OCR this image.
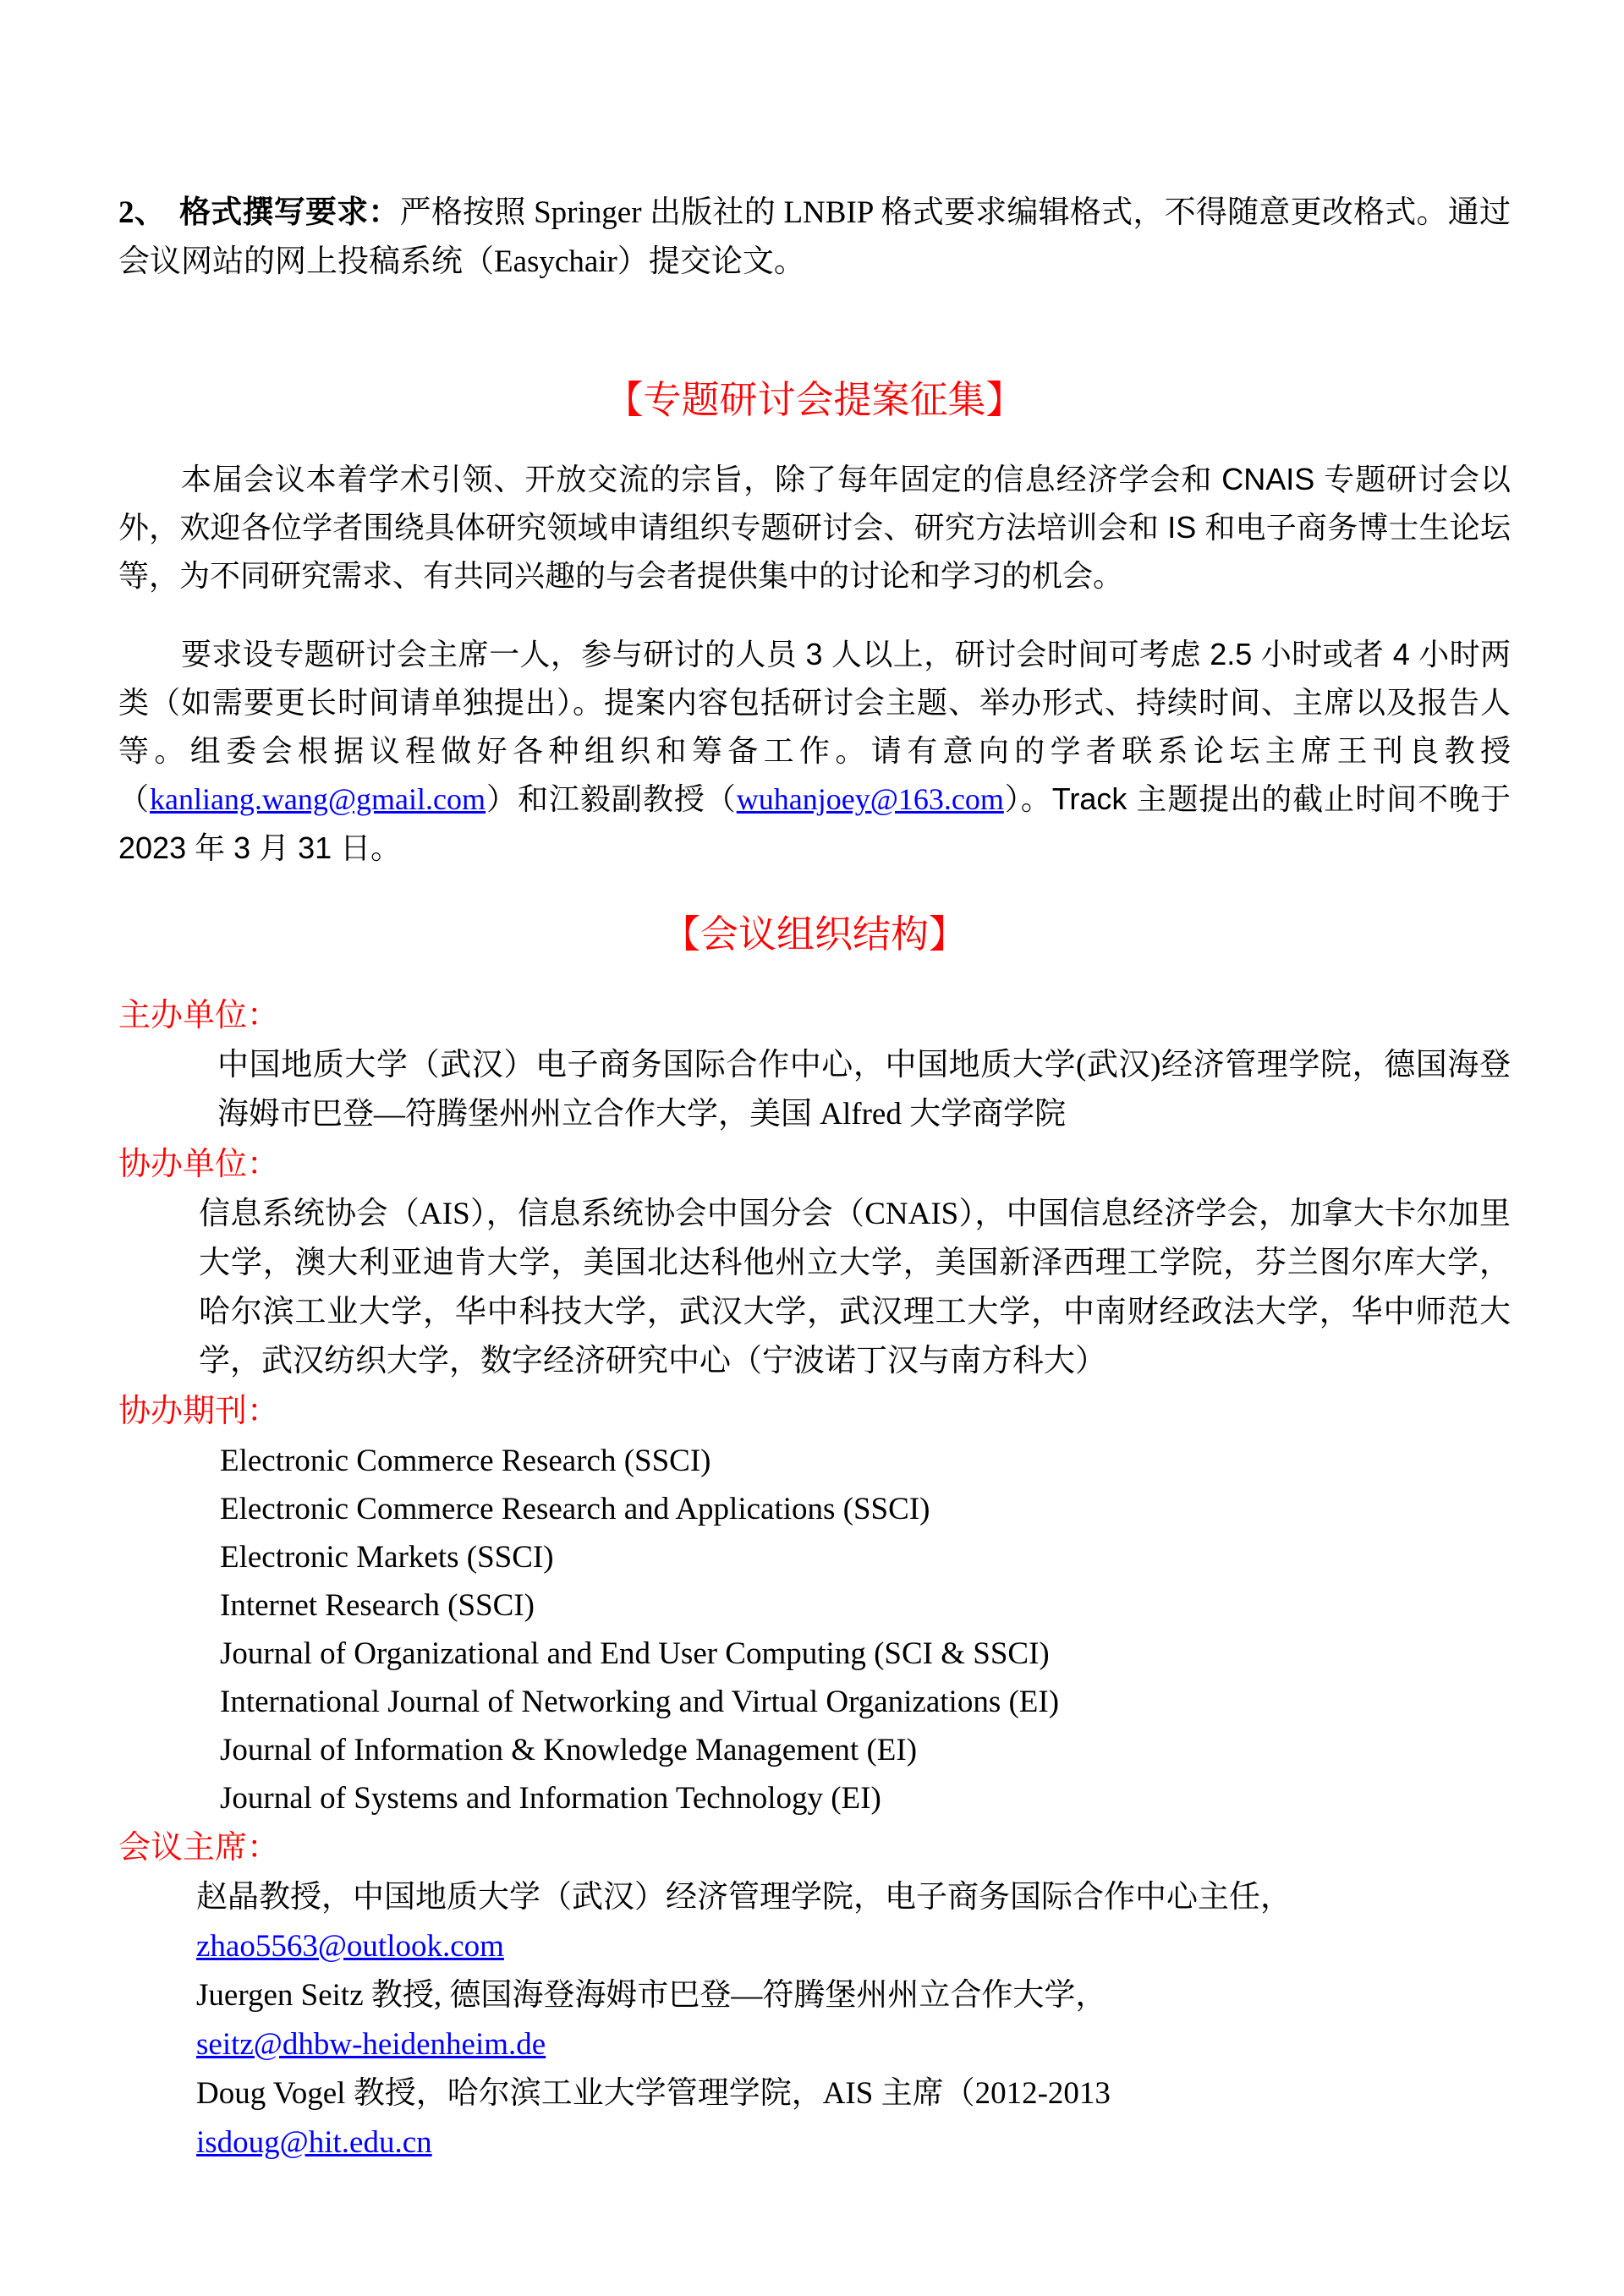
2、 格式撰写要求：严格按照 Springer 出版社的 LNBIP 格式要求编辑格式，不得随意更改格式。通过会议网站的网上投稿系统（Easychair）提交论文。

【专题研讨会提案征集】

本届会议本着学术引领、开放交流的宗旨，除了每年固定的信息经济学会和 CNAIS 专题研讨会以外，欢迎各位学者围绕具体研究领域申请组织专题研讨会、研究方法培训会和 IS 和电子商务博士生论坛等，为不同研究需求、有共同兴趣的与会者提供集中的讨论和学习的机会。

要求设专题研讨会主席一人，参与研讨的人员 3 人以上，研讨会时间可考虑 2.5 小时或者 4 小时两类（如需要更长时间请单独提出）。提案内容包括研讨会主题、举办形式、持续时间、主席以及报告人等。组委会根据议程做好各种组织和筹备工作。请有意向的学者联系论坛主席王刊良教授（kanliang.wang@gmail.com）和江毅副教授（wuhanjoey@163.com）。Track 主题提出的截止时间不晚于 2023 年 3 月 31 日。

【会议组织结构】
主办单位：
中国地质大学（武汉）电子商务国际合作中心，中国地质大学(武汉)经济管理学院，德国海登海姆市巴登—符腾堡州州立合作大学，美国 Alfred 大学商学院
协办单位：
信息系统协会（AIS），信息系统协会中国分会（CNAIS），中国信息经济学会，加拿大卡尔加里大学，澳大利亚迪肯大学，美国北达科他州立大学，美国新泽西理工学院，芬兰图尔库大学，哈尔滨工业大学，华中科技大学，武汉大学，武汉理工大学，中南财经政法大学，华中师范大学，武汉纺织大学，数字经济研究中心（宁波诺丁汉与南方科大）
协办期刊：
Electronic Commerce Research (SSCI)
Electronic Commerce Research and Applications (SSCI)
Electronic Markets (SSCI)
Internet Research (SSCI)
Journal of Organizational and End User Computing (SCI & SSCI)
International Journal of Networking and Virtual Organizations (EI)
Journal of Information & Knowledge Management (EI)
Journal of Systems and Information Technology (EI)
会议主席：
赵晶教授，中国地质大学（武汉）经济管理学院，电子商务国际合作中心主任，
zhao5563@outlook.com
Juergen Seitz 教授, 德国海登海姆市巴登—符腾堡州州立合作大学，
seitz@dhbw-heidenheim.de
Doug Vogel 教授，哈尔滨工业大学管理学院，AIS 主席（2012-2013
isdoug@hit.edu.cn
